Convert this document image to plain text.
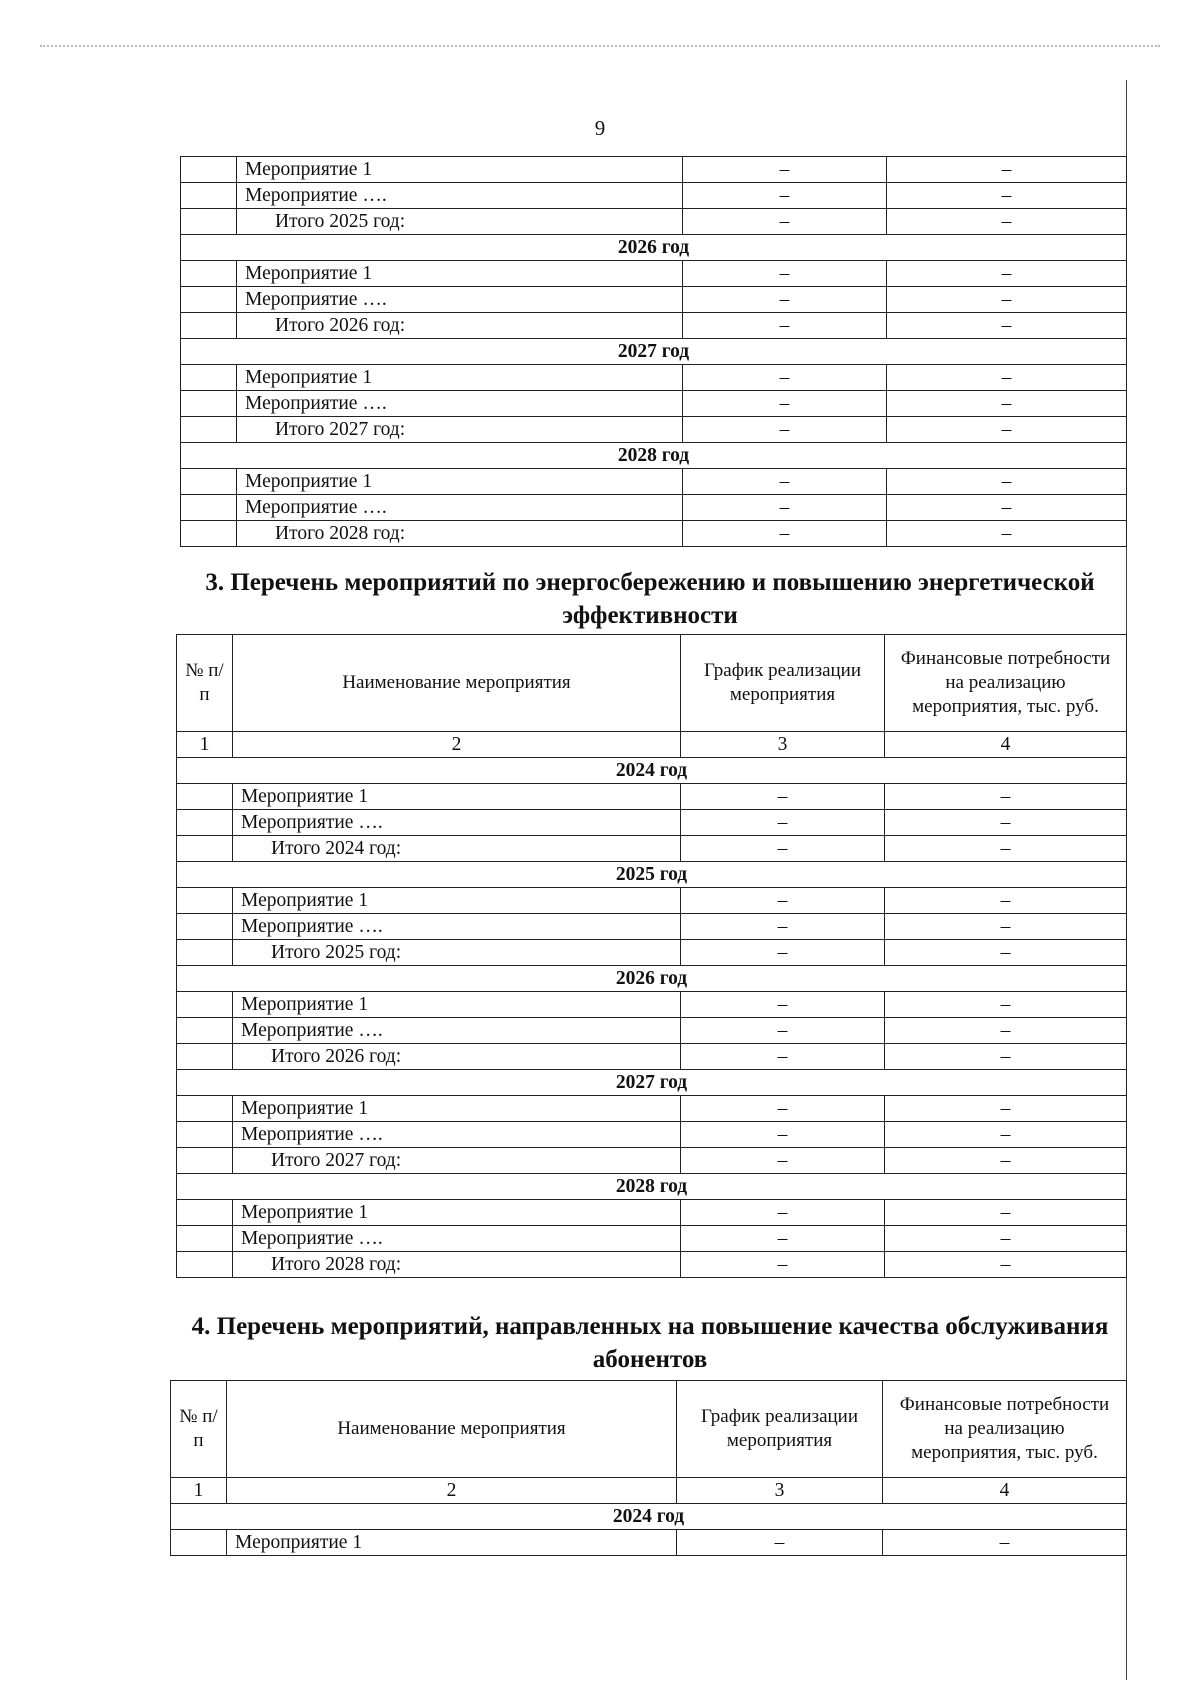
9
	Мероприятие 1	–	–
	Мероприятие ….	–	–
	Итого 2025 год:	–	–
2026 год			
	Мероприятие 1	–	–
	Мероприятие ….	–	–
	Итого 2026 год:	–	–
2027 год			
	Мероприятие 1	–	–
	Мероприятие ….	–	–
	Итого 2027 год:	–	–
2028 год			
	Мероприятие 1	–	–
	Мероприятие ….	–	–
	Итого 2028 год:	–	–
3. Перечень мероприятий по энергосбережению и повышению энергетической эффективности
№ п/п	Наименование мероприятия	График реализации мероприятия	Финансовые потребности на реализацию мероприятия, тыс. руб.
1	2	3	4
2024 год			
	Мероприятие 1	–	–
	Мероприятие ….	–	–
	Итого 2024 год:	–	–
2025 год			
	Мероприятие 1	–	–
	Мероприятие ….	–	–
	Итого 2025 год:	–	–
2026 год			
	Мероприятие 1	–	–
	Мероприятие ….	–	–
	Итого 2026 год:	–	–
2027 год			
	Мероприятие 1	–	–
	Мероприятие ….	–	–
	Итого 2027 год:	–	–
2028 год			
	Мероприятие 1	–	–
	Мероприятие ….	–	–
	Итого 2028 год:	–	–
4. Перечень мероприятий, направленных на повышение качества обслуживания абонентов
№ п/п	Наименование мероприятия	График реализации мероприятия	Финансовые потребности на реализацию мероприятия, тыс. руб.
1	2	3	4
2024 год			
	Мероприятие 1	–	–
